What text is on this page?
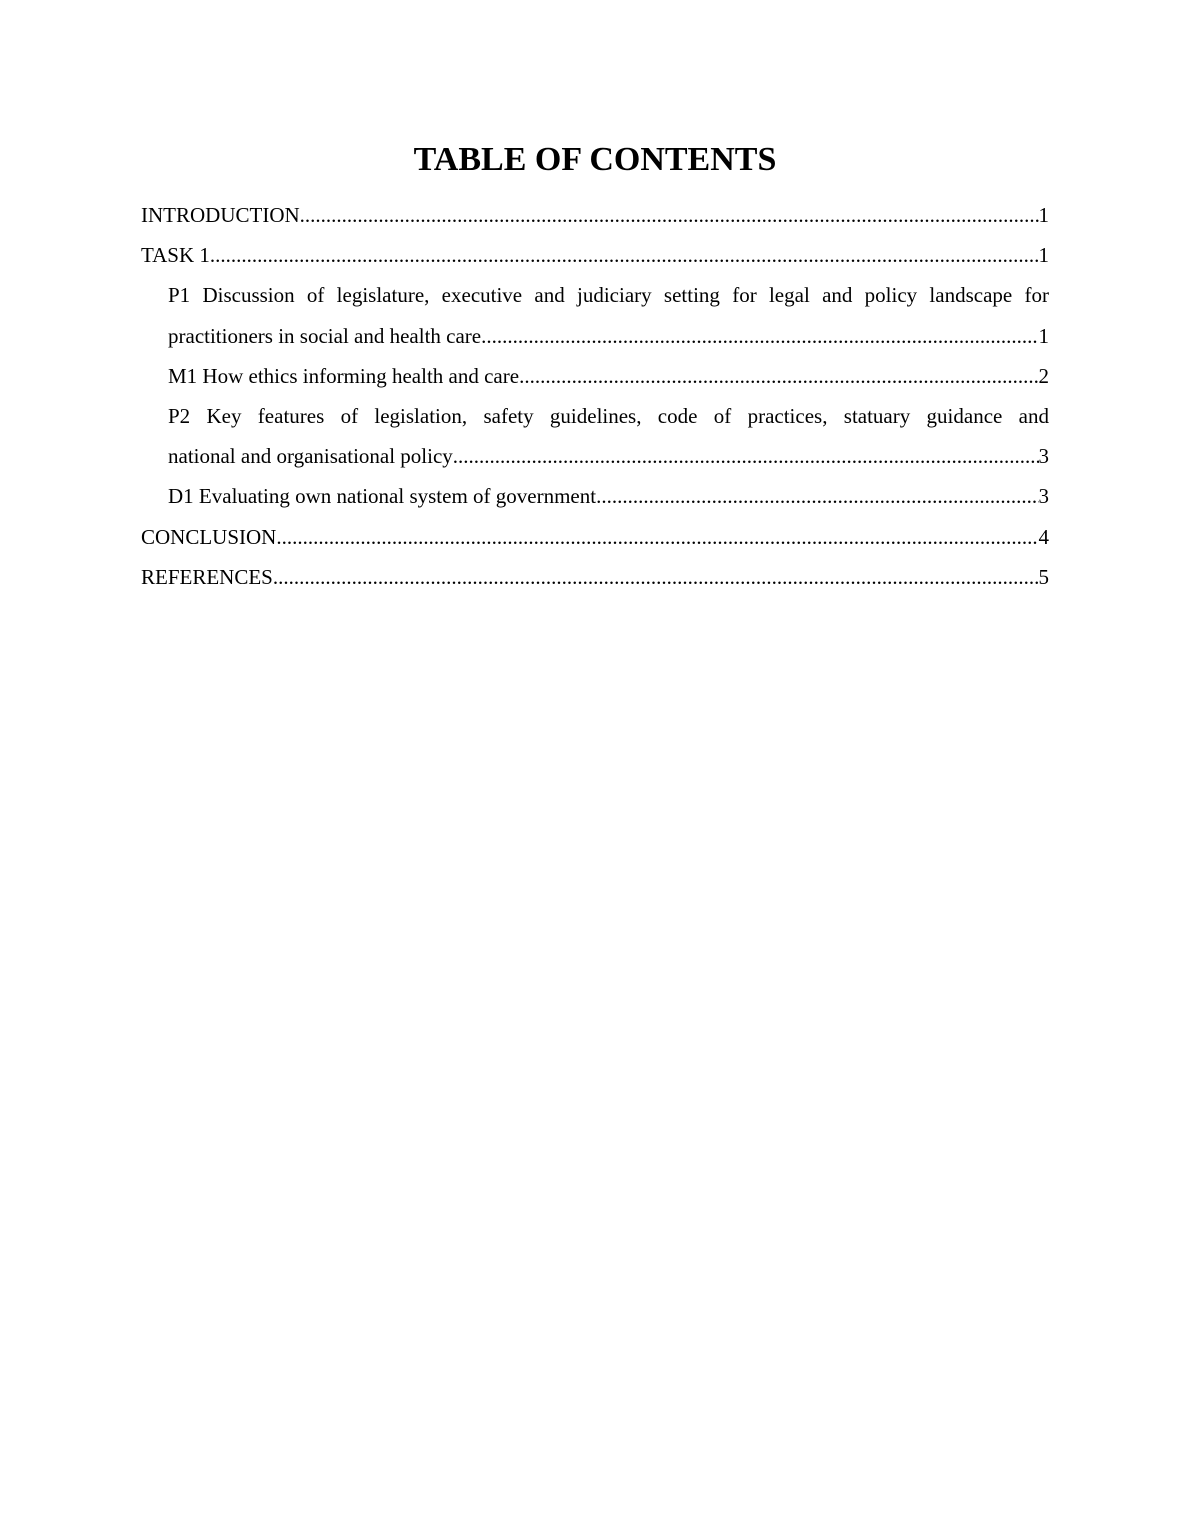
TABLE OF CONTENTS
INTRODUCTION .....	1
TASK 1 .....	1
P1 Discussion of legislature, executive and judiciary setting for legal and policy landscape for
practitioners in social and health care .....	1
M1 How ethics informing health and care .....	2
P2 Key features of legislation, safety guidelines, code of practices, statuary guidance and
national and organisational policy .....	3
D1 Evaluating own national system of government .....	3
CONCLUSION .....	4
REFERENCES .....	5
